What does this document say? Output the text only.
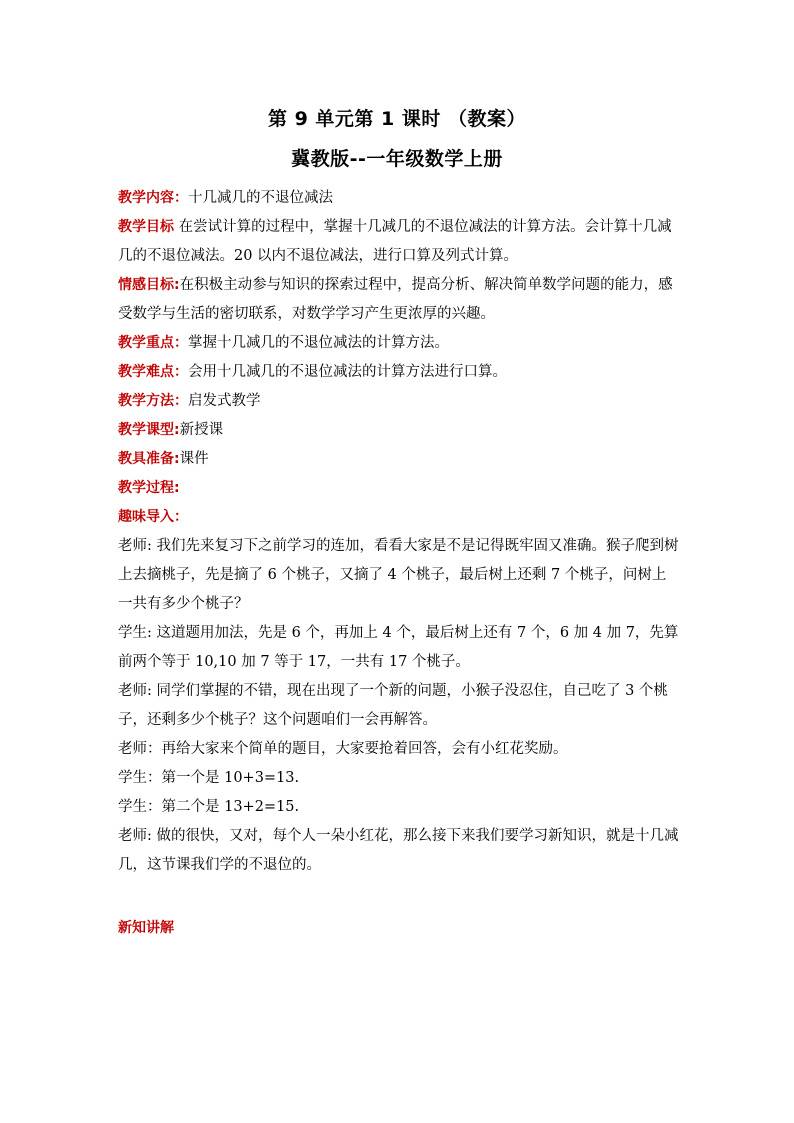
第 9 单元第 1 课时 （教案）
冀教版--一年级数学上册
教学内容：十几减几的不退位减法
教学目标 在尝试计算的过程中，掌握十几减几的不退位减法的计算方法。会计算十几减几的不退位减法。20 以内不退位减法，进行口算及列式计算。
情感目标:在积极主动参与知识的探索过程中，提高分析、解决简单数学问题的能力，感受数学与生活的密切联系，对数学学习产生更浓厚的兴趣。
教学重点：掌握十几减几的不退位减法的计算方法。
教学难点：会用十几减几的不退位减法的计算方法进行口算。
教学方法：启发式教学
教学课型:新授课
教具准备:课件
教学过程:
趣味导入：
老师: 我们先来复习下之前学习的连加，看看大家是不是记得既牢固又准确。猴子爬到树上去摘桃子，先是摘了 6 个桃子，又摘了 4 个桃子，最后树上还剩 7 个桃子，问树上一共有多少个桃子？
学生: 这道题用加法，先是 6 个，再加上 4 个，最后树上还有 7 个，6 加 4 加 7，先算前两个等于 10,10 加 7 等于 17，一共有 17 个桃子。
老师: 同学们掌握的不错，现在出现了一个新的问题，小猴子没忍住，自己吃了 3 个桃子，还剩多少个桃子？这个问题咱们一会再解答。
老师：再给大家来个简单的题目，大家要抢着回答，会有小红花奖励。
学生：第一个是 10+3=13.
学生：第二个是 13+2=15.
老师: 做的很快，又对，每个人一朵小红花，那么接下来我们要学习新知识，就是十几减几，这节课我们学的不退位的。
新知讲解
